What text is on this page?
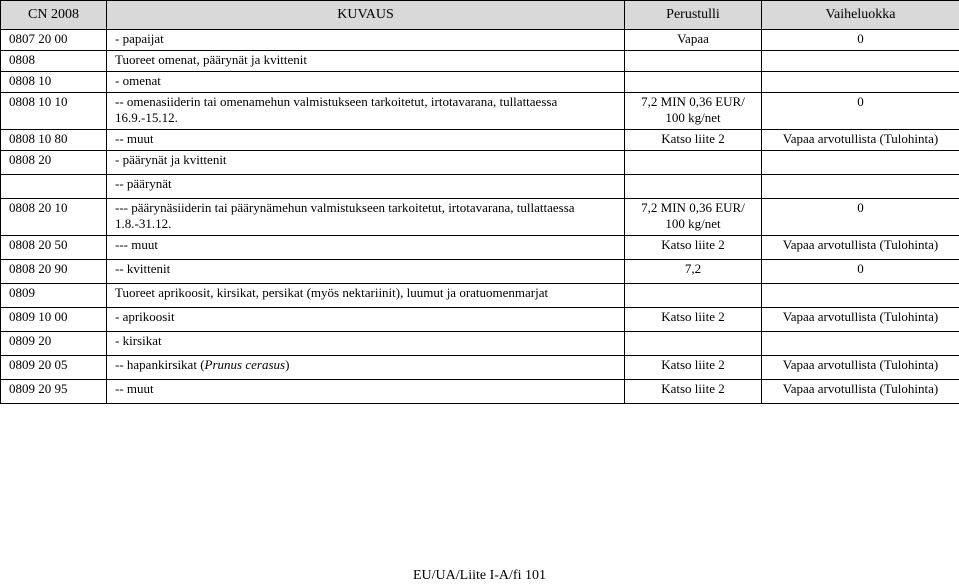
CN 2008	KUVAUS	Perustulli	Vaiheluokka
0807 20 00	- papaijat	Vapaa	0
0808	Tuoreet omenat, päärynät ja kvittenit		
0808 10	- omenat		
0808 10 10	-- omenasiiderin tai omenamehun valmistukseen tarkoitetut, irtotavarana, tullattaessa 16.9.-15.12.	7,2 MIN 0,36 EUR/ 100 kg/net	0
0808 10 80	-- muut	Katso liite 2	Vapaa arvotullista (Tulohinta)
0808 20	- päärynät ja kvittenit		
	-- päärynät		
0808 20 10	--- päärynäsiiderin tai päärynämehun valmistukseen tarkoitetut, irtotavarana, tullattaessa 1.8.-31.12.	7,2 MIN 0,36 EUR/ 100 kg/net	0
0808 20 50	--- muut	Katso liite 2	Vapaa arvotullista (Tulohinta)
0808 20 90	-- kvittenit	7,2	0
0809	Tuoreet aprikoosit, kirsikat, persikat (myös nektariinit), luumut ja oratuomenmarjat		
0809 10 00	- aprikoosit	Katso liite 2	Vapaa arvotullista (Tulohinta)
0809 20	- kirsikat		
0809 20 05	-- hapankirsikat (Prunus cerasus)	Katso liite 2	Vapaa arvotullista (Tulohinta)
0809 20 95	-- muut	Katso liite 2	Vapaa arvotullista (Tulohinta)
EU/UA/Liite I-A/fi 101
